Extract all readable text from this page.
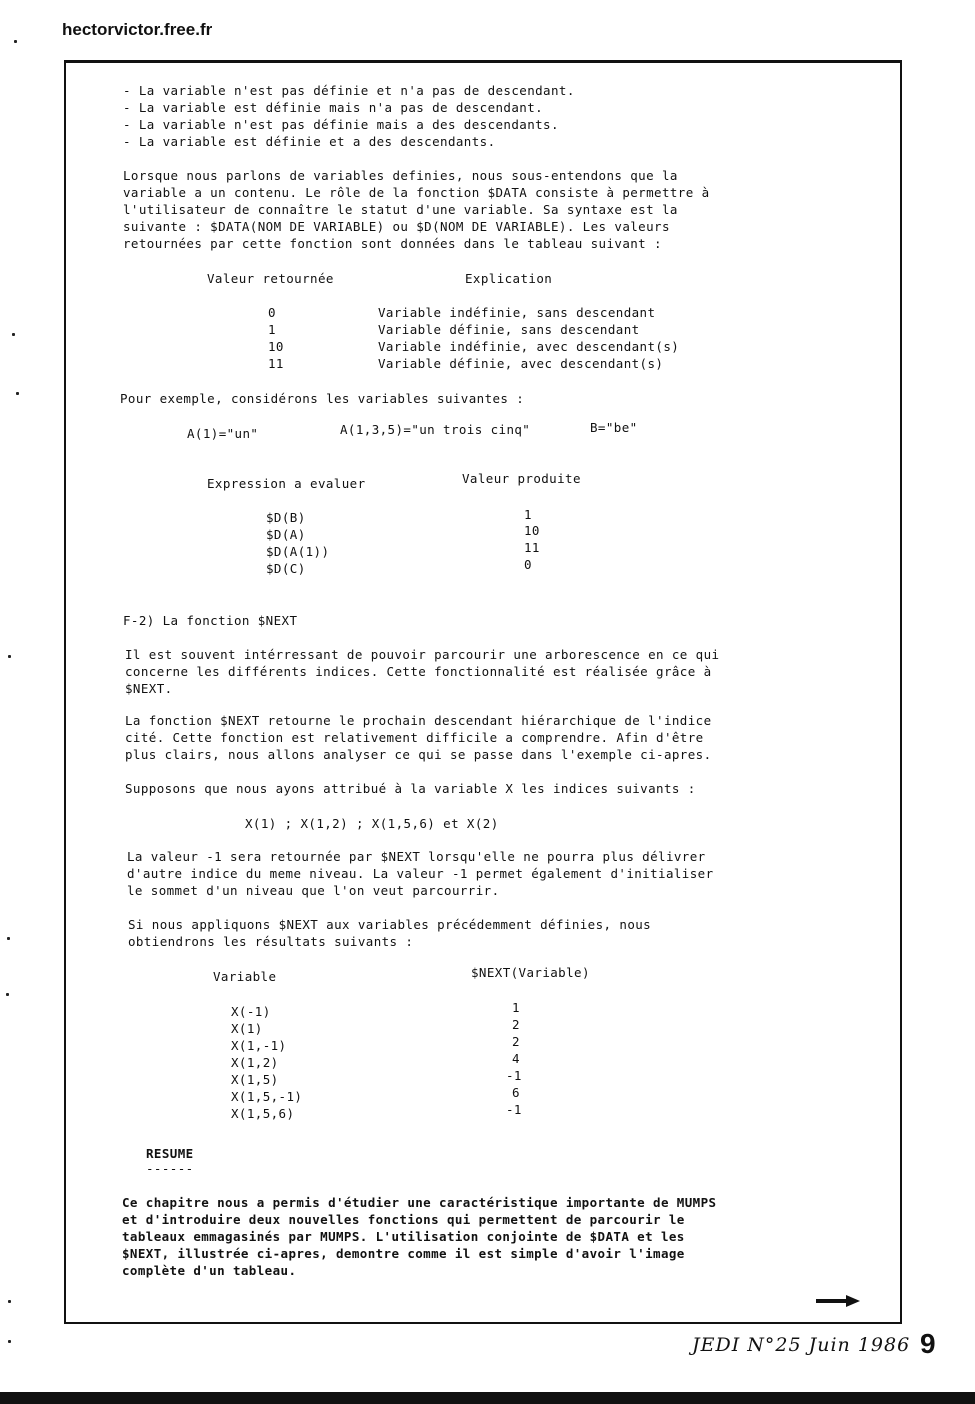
hectorvictor.free.fr
- La variable n'est pas définie et n'a pas de descendant.
- La variable est définie mais n'a pas de descendant.
- La variable n'est pas définie mais a des descendants.
- La variable est définie et a des descendants.
Lorsque nous parlons de variables definies, nous sous-entendons que la
variable a un contenu. Le rôle de la fonction $DATA consiste à permettre à
l'utilisateur de connaître le statut d'une variable. Sa syntaxe est la
suivante : $DATA(NOM DE VARIABLE) ou $D(NOM DE VARIABLE). Les valeurs
retournées par cette fonction sont données dans le tableau suivant :
Valeur retournée	Explication
0	Variable indéfinie, sans descendant
1	Variable définie, sans descendant
10	Variable indéfinie, avec descendant(s)
11	Variable définie, avec descendant(s)
Pour exemple, considérons les variables suivantes :
A(1)="un"	A(1,3,5)="un trois cinq"	B="be"
Expression a evaluer	Valeur produite
$D(B)	1
$D(A)	10
$D(A(1))	11
$D(C)	0
F-2) La fonction $NEXT
Il est souvent intérressant de pouvoir parcourir une arborescence en ce qui
concerne les différents indices. Cette fonctionnalité est réalisée grâce à
$NEXT.
La fonction $NEXT retourne le prochain descendant hiérarchique de l'indice
cité. Cette fonction est relativement difficile a comprendre. Afin d'être
plus clairs, nous allons analyser ce qui se passe dans l'exemple ci-apres.
Supposons que nous ayons attribué à la variable X les indices suivants :
X(1) ; X(1,2) ; X(1,5,6) et X(2)
La valeur -1 sera retournée par $NEXT lorsqu'elle ne pourra plus délivrer
d'autre indice du meme niveau. La valeur -1 permet également d'initialiser
le sommet d'un niveau que l'on veut parcourrir.
Si nous appliquons $NEXT aux variables précédemment définies, nous
obtiendrons les résultats suivants :
Variable	$NEXT(Variable)
X(-1)	1
X(1)	2
X(1,-1)	2
X(1,2)	4
X(1,5)	-1
X(1,5,-1)	6
X(1,5,6)	-1
RESUME
------
Ce chapitre nous a permis d'étudier une caractéristique importante de MUMPS
et d'introduire deux nouvelles fonctions qui permettent de parcourir le
tableaux emmagasinés par MUMPS. L'utilisation conjointe de $DATA et les
$NEXT, illustrée ci-apres, demontre comme il est simple d'avoir l'image
complète d'un tableau.
JEDI N°25 Juin 1986 9
